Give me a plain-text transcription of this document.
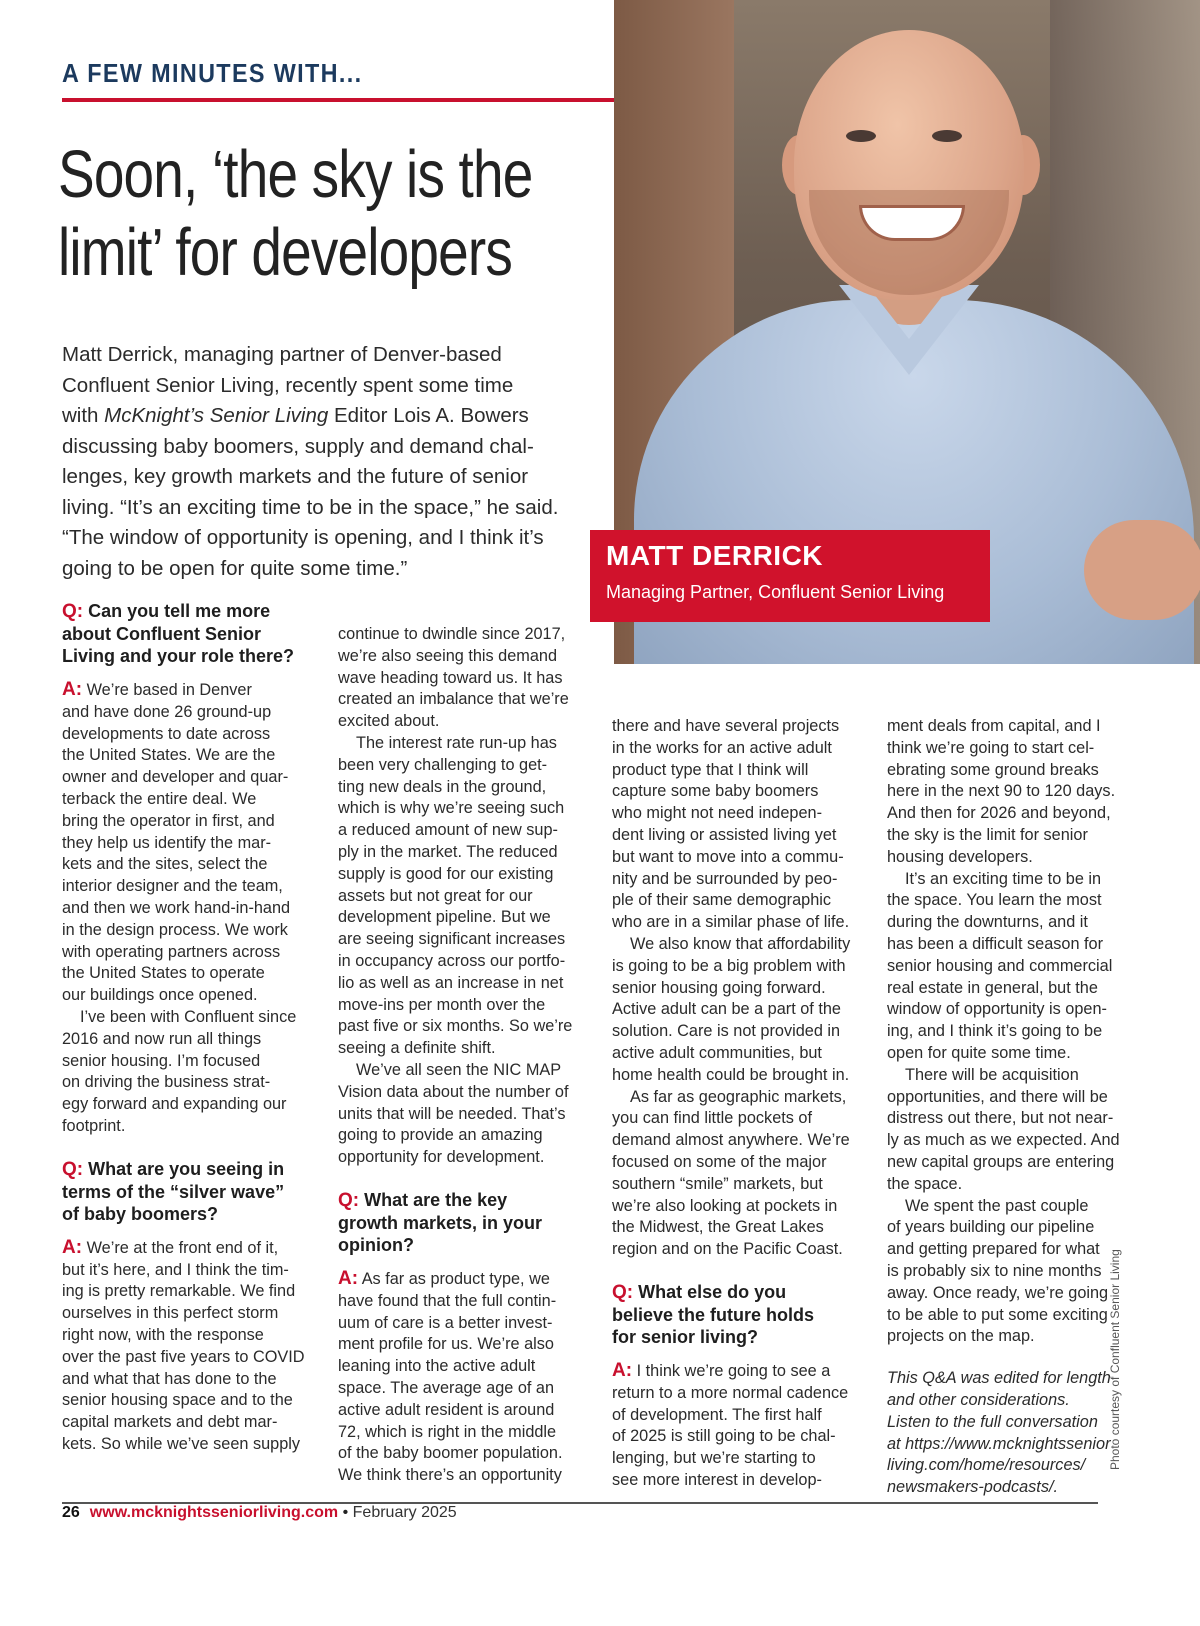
A FEW MINUTES WITH...
Soon, ‘the sky is the
limit’ for developers
Matt Derrick, managing partner of Denver-based
Confluent Senior Living, recently spent some time
with McKnight’s Senior Living Editor Lois A. Bowers
discussing baby boomers, supply and demand chal-
lenges, key growth markets and the future of senior
living. “It’s an exciting time to be in the space,” he said.
“The window of opportunity is opening, and I think it’s
going to be open for quite some time.”	MATT DERRICK
Managing Partner, Confluent Senior Living
Q: Can you tell me more
about Confluent Senior
Living and your role there?
A: We’re based in Denver
and have done 26 ground-up
developments to date across
the United States. We are the
owner and developer and quar-
terback the entire deal. We
bring the operator in first, and
they help us identify the mar-
kets and the sites, select the
interior designer and the team,
and then we work hand-in-hand
in the design process. We work
with operating partners across
the United States to operate
our buildings once opened.
I’ve been with Confluent since
2016 and now run all things
senior housing. I’m focused
on driving the business strat-
egy forward and expanding our
footprint.
Q: What are you seeing in
terms of the “silver wave”
of baby boomers?
A: We’re at the front end of it,
but it’s here, and I think the tim-
ing is pretty remarkable. We find
ourselves in this perfect storm
right now, with the response
over the past five years to COVID
and what that has done to the
senior housing space and to the
capital markets and debt mar-
kets. So while we’ve seen supply
continue to dwindle since 2017,
we’re also seeing this demand
wave heading toward us. It has
created an imbalance that we’re
excited about.
The interest rate run-up has
been very challenging to get-
ting new deals in the ground,
which is why we’re seeing such
a reduced amount of new sup-
ply in the market. The reduced
supply is good for our existing
assets but not great for our
development pipeline. But we
are seeing significant increases
in occupancy across our portfo-
lio as well as an increase in net
move-ins per month over the
past five or six months. So we’re
seeing a definite shift.
We’ve all seen the NIC MAP
Vision data about the number of
units that will be needed. That’s
going to provide an amazing
opportunity for development.
Q: What are the key
growth markets, in your
opinion?
A: As far as product type, we
have found that the full contin-
uum of care is a better invest-
ment profile for us. We’re also
leaning into the active adult
space. The average age of an
active adult resident is around
72, which is right in the middle
of the baby boomer population.
We think there’s an opportunity
there and have several projects
in the works for an active adult
product type that I think will
capture some baby boomers
who might not need indepen-
dent living or assisted living yet
but want to move into a commu-
nity and be surrounded by peo-
ple of their same demographic
who are in a similar phase of life.
We also know that affordability
is going to be a big problem with
senior housing going forward.
Active adult can be a part of the
solution. Care is not provided in
active adult communities, but
home health could be brought in.
As far as geographic markets,
you can find little pockets of
demand almost anywhere. We’re
focused on some of the major
southern “smile” markets, but
we’re also looking at pockets in
the Midwest, the Great Lakes
region and on the Pacific Coast.
Q: What else do you
believe the future holds
for senior living?
A: I think we’re going to see a
return to a more normal cadence
of development. The first half
of 2025 is still going to be chal-
lenging, but we’re starting to
see more interest in develop-
ment deals from capital, and I
think we’re going to start cel-
ebrating some ground breaks
here in the next 90 to 120 days.
And then for 2026 and beyond,
the sky is the limit for senior
housing developers.
It’s an exciting time to be in
the space. You learn the most
during the downturns, and it
has been a difficult season for
senior housing and commercial
real estate in general, but the
window of opportunity is open-
ing, and I think it’s going to be
open for quite some time.
There will be acquisition
opportunities, and there will be
distress out there, but not near-
ly as much as we expected. And
new capital groups are entering
the space.
We spent the past couple
of years building our pipeline
and getting prepared for what
is probably six to nine months
away. Once ready, we’re going
to be able to put some exciting
projects on the map.
This Q&A was edited for length
and other considerations.
Listen to the full conversation
at https://www.mcknightssenior
living.com/home/resources/
newsmakers-podcasts/.
Photo courtesy of Confluent Senior Living
26 www.mcknightsseniorliving.com • February 2025
